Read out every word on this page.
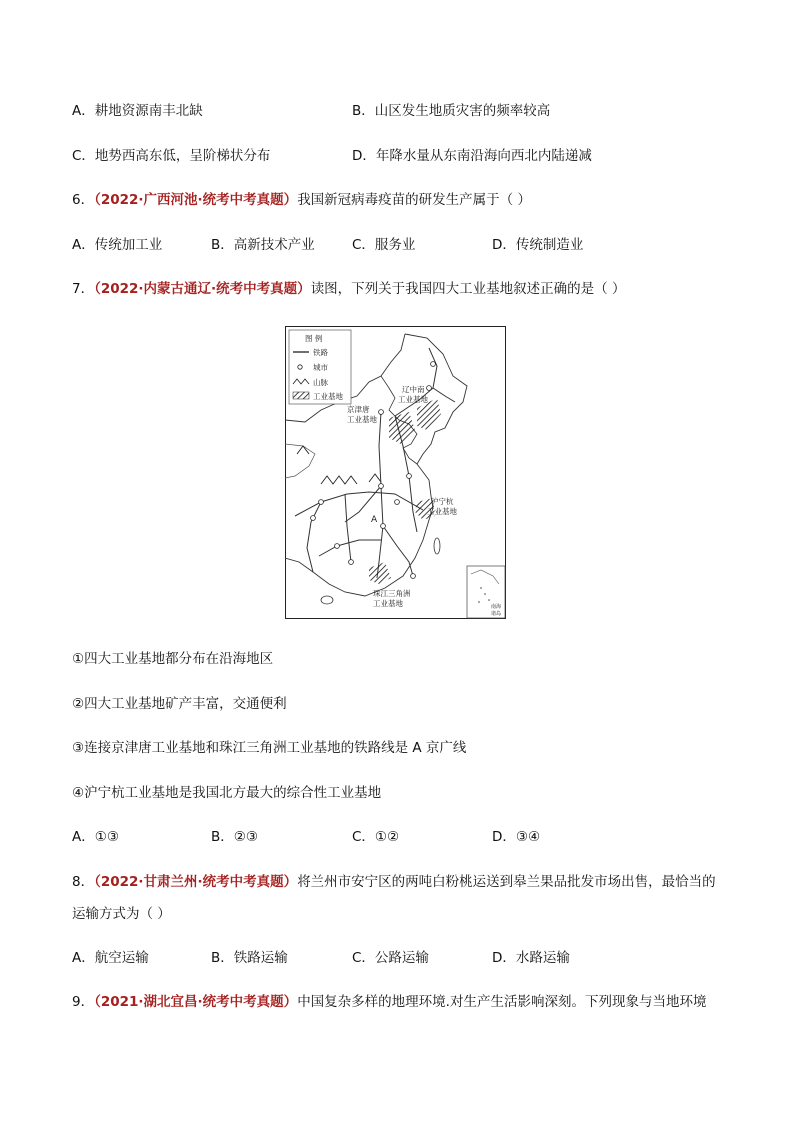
A．耕地资源南丰北缺	B．山区发生地质灾害的频率较高
C．地势西高东低，呈阶梯状分布	D．年降水量从东南沿海向西北内陆递减
6．（2022·广西河池·统考中考真题）我国新冠病毒疫苗的研发生产属于（ ）
A．传统加工业	B．高新技术产业	C．服务业	D．传统制造业
7．（2022·内蒙古通辽·统考中考真题）读图，下列关于我国四大工业基地叙述正确的是（ ）
辽中南
工业基地
京津唐
工业基地
沪宁杭
工业基地
珠江三角洲
工业基地
A
图 例
铁路
城市
山脉
工业基地
南海
诸岛
①四大工业基地都分布在沿海地区
②四大工业基地矿产丰富，交通便利
③连接京津唐工业基地和珠江三角洲工业基地的铁路线是 A 京广线
④沪宁杭工业基地是我国北方最大的综合性工业基地
A．①③	B．②③	C．①②	D．③④
8．（2022·甘肃兰州·统考中考真题）将兰州市安宁区的两吨白粉桃运送到皋兰果品批发市场出售，最恰当的
运输方式为（ ）
A．航空运输	B．铁路运输	C．公路运输	D．水路运输
9．（2021·湖北宜昌·统考中考真题）中国复杂多样的地理环境.对生产生活影响深刻。下列现象与当地环境
